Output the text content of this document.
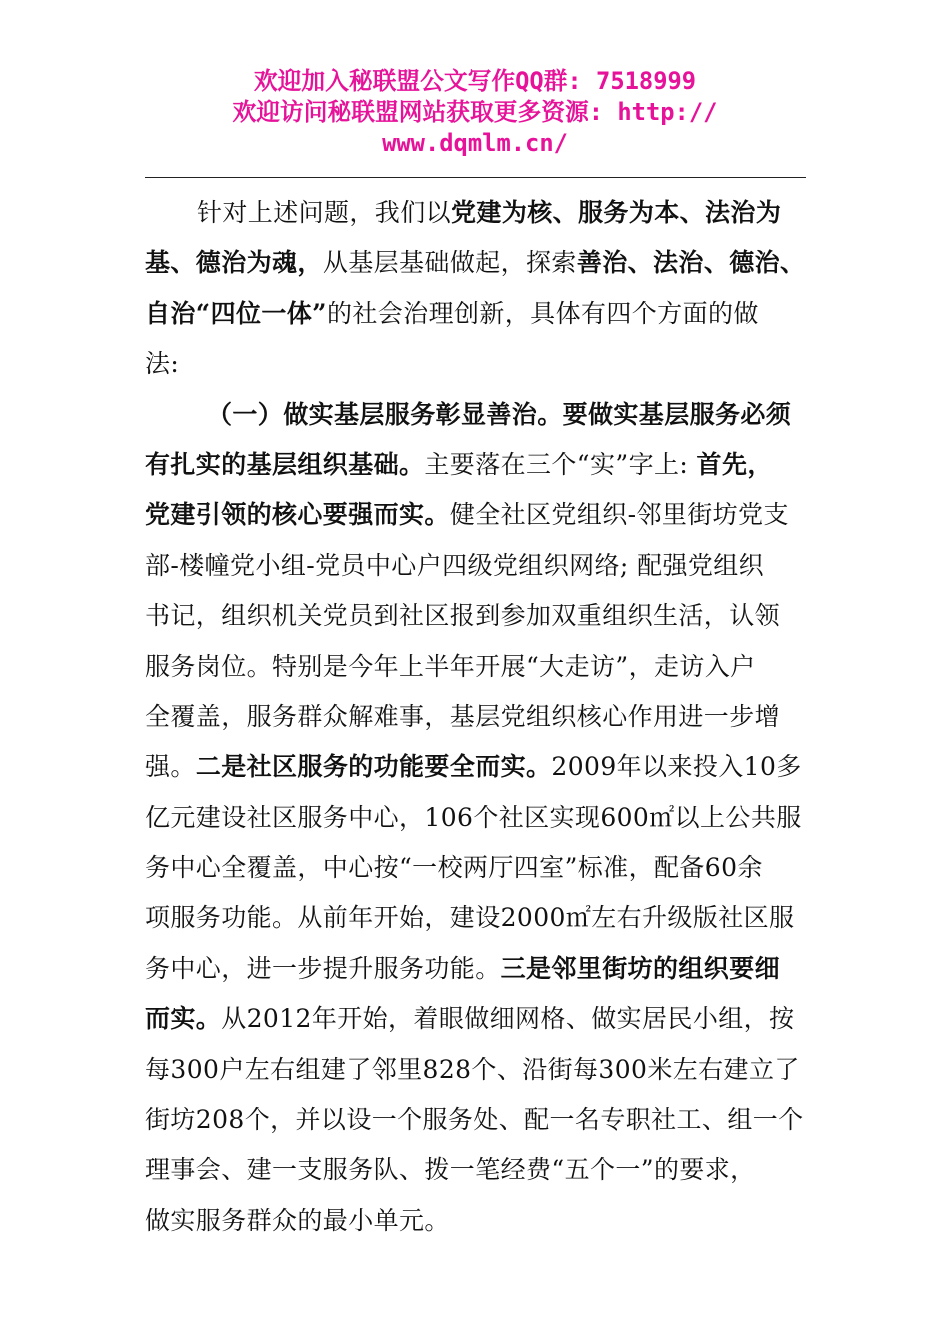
欢迎加入秘联盟公文写作QQ群: 7518999
欢迎访问秘联盟网站获取更多资源: http://
www.dqmlm.cn/
针对上述问题，我们以党建为核、服务为本、法治为
基、德治为魂，从基层基础做起，探索善治、法治、德治、
自治“四位一体”的社会治理创新，具体有四个方面的做
法:
（一）做实基层服务彰显善治。要做实基层服务必须
有扎实的基层组织基础。主要落在三个“实”字上: 首先，
党建引领的核心要强而实。健全社区党组织-邻里街坊党支
部-楼幢党小组-党员中心户四级党组织网络; 配强党组织
书记，组织机关党员到社区报到参加双重组织生活，认领
服务岗位。特别是今年上半年开展“大走访”，走访入户
全覆盖，服务群众解难事，基层党组织核心作用进一步增
强。二是社区服务的功能要全而实。2009年以来投入10多
亿元建设社区服务中心，106个社区实现600㎡以上公共服
务中心全覆盖，中心按“一校两厅四室”标准，配备60余
项服务功能。从前年开始，建设2000㎡左右升级版社区服
务中心，进一步提升服务功能。三是邻里街坊的组织要细
而实。从2012年开始，着眼做细网格、做实居民小组，按
每300户左右组建了邻里828个、沿街每300米左右建立了
街坊208个，并以设一个服务处、配一名专职社工、组一个
理事会、建一支服务队、拨一笔经费“五个一”的要求，
做实服务群众的最小单元。
